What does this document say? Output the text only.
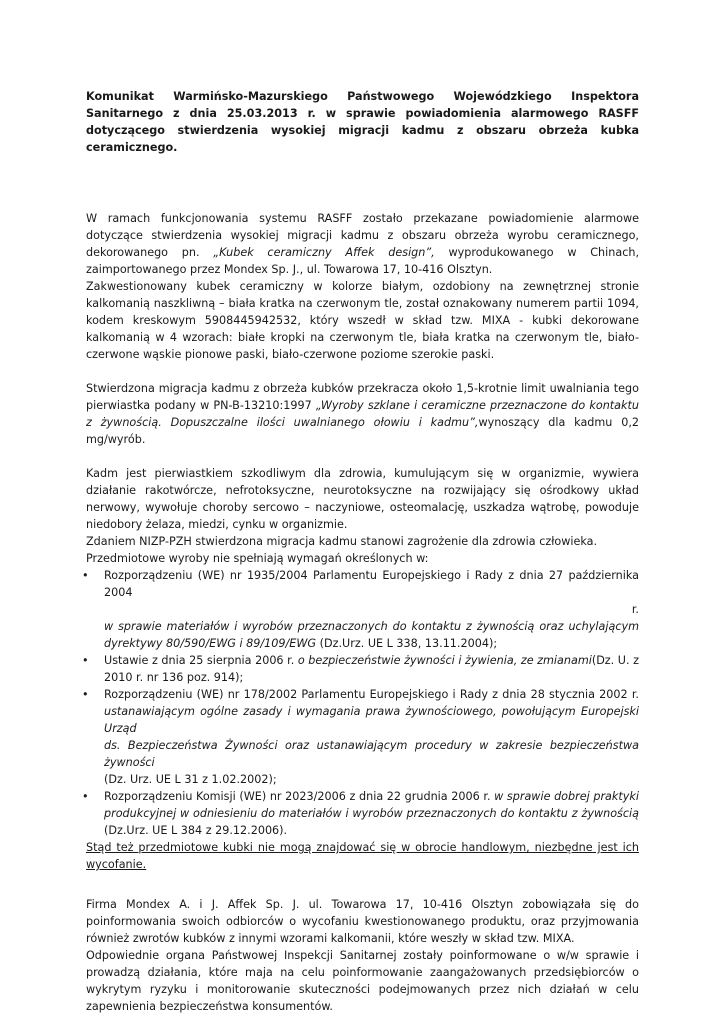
Komunikat Warmińsko-Mazurskiego Państwowego Wojewódzkiego Inspektora Sanitarnego z dnia 25.03.2013 r. w sprawie powiadomienia alarmowego RASFF dotyczącego stwierdzenia wysokiej migracji kadmu z obszaru obrzeża kubka ceramicznego.

W ramach funkcjonowania systemu RASFF zostało przekazane powiadomienie alarmowe dotyczące stwierdzenia wysokiej migracji kadmu z obszaru obrzeża wyrobu ceramicznego, dekorowanego pn. „Kubek ceramiczny Affek design”, wyprodukowanego w Chinach, zaimportowanego przez Mondex Sp. J., ul. Towarowa 17, 10-416 Olsztyn.

Zakwestionowany kubek ceramiczny w kolorze białym, ozdobiony na zewnętrznej stronie kalkomanią naszkliwną – biała kratka na czerwonym tle, został oznakowany numerem partii 1094, kodem kreskowym 5908445942532, który wszedł w skład tzw. MIXA - kubki dekorowane kalkomanią w 4 wzorach: białe kropki na czerwonym tle, biała kratka na czerwonym tle, biało-czerwone wąskie pionowe paski, biało-czerwone poziome szerokie paski.

Stwierdzona migracja kadmu z obrzeża kubków przekracza około 1,5-krotnie limit uwalniania tego pierwiastka podany w PN-B-13210:1997 „Wyroby szklane i ceramiczne przeznaczone do kontaktu z żywnością. Dopuszczalne ilości uwalnianego ołowiu i kadmu”,wynoszący dla kadmu 0,2 mg/wyrób.

Kadm jest pierwiastkiem szkodliwym dla zdrowia, kumulującym się w organizmie, wywiera działanie rakotwórcze, nefrotoksyczne, neurotoksyczne na rozwijający się ośrodkowy układ nerwowy, wywołuje choroby sercowo – naczyniowe, osteomalację, uszkadza wątrobę, powoduje niedobory żelaza, miedzi, cynku w organizmie.

Zdaniem NIZP-PZH stwierdzona migracja kadmu stanowi zagrożenie dla zdrowia człowieka.

Przedmiotowe wyroby nie spełniają wymagań określonych w:

• Rozporządzeniu (WE) nr 1935/2004 Parlamentu Europejskiego i Rady z dnia 27 października 2004
r.
w sprawie materiałów i wyrobów przeznaczonych do kontaktu z żywnością oraz uchylającym dyrektywy 80/590/EWG i 89/109/EWG (Dz.Urz. UE L 338, 13.11.2004);
• Ustawie z dnia 25 sierpnia 2006 r. o bezpieczeństwie żywności i żywienia, ze zmianami(Dz. U. z 2010 r. nr 136 poz. 914);
• Rozporządzeniu (WE) nr 178/2002 Parlamentu Europejskiego i Rady z dnia 28 stycznia 2002 r. ustanawiającym ogólne zasady i wymagania prawa żywnościowego, powołującym Europejski Urząd
ds. Bezpieczeństwa Żywności oraz ustanawiającym procedury w zakresie bezpieczeństwa żywności
(Dz. Urz. UE L 31 z 1.02.2002);
• Rozporządzeniu Komisji (WE) nr 2023/2006 z dnia 22 grudnia 2006 r. w sprawie dobrej praktyki produkcyjnej w odniesieniu do materiałów i wyrobów przeznaczonych do kontaktu z żywnością (Dz.Urz. UE L 384 z 29.12.2006).

Stąd też przedmiotowe kubki nie mogą znajdować się w obrocie handlowym, niezbędne jest ich wycofanie.

Firma Mondex A. i J. Affek Sp. J. ul. Towarowa 17, 10-416 Olsztyn zobowiązała się do poinformowania swoich odbiorców o wycofaniu kwestionowanego produktu, oraz przyjmowania również zwrotów kubków z innymi wzorami kalkomanii, które weszły w skład tzw. MIXA.

Odpowiednie organa Państwowej Inspekcji Sanitarnej zostały poinformowane o w/w sprawie i prowadzą działania, które maja na celu poinformowanie zaangażowanych przedsiębiorców o wykrytym ryzyku i monitorowanie skuteczności podejmowanych przez nich działań w celu zapewnienia bezpieczeństwa konsumentów.
